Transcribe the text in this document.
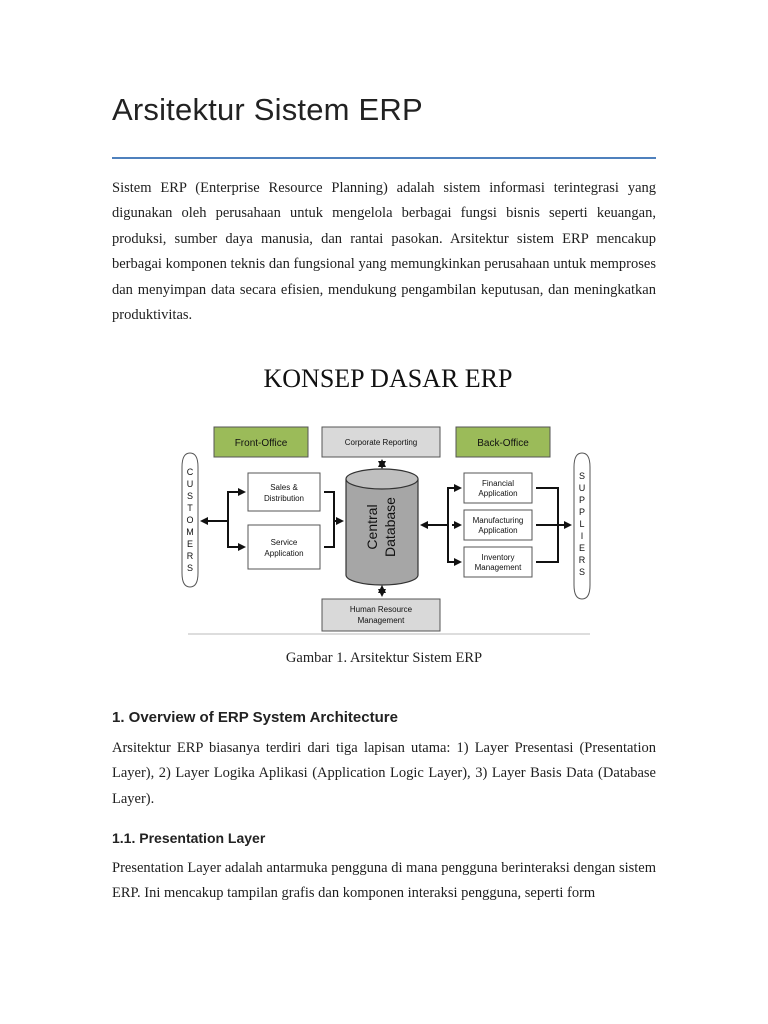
Arsitektur Sistem ERP

Sistem ERP (Enterprise Resource Planning) adalah sistem informasi terintegrasi yang digunakan oleh perusahaan untuk mengelola berbagai fungsi bisnis seperti keuangan, produksi, sumber daya manusia, dan rantai pasokan. Arsitektur sistem ERP mencakup berbagai komponen teknis dan fungsional yang memungkinkan perusahaan untuk memproses dan menyimpan data secara efisien, mendukung pengambilan keputusan, dan meningkatkan produktivitas.

KONSEP DASAR ERP
Front-Office	Back-Office
Corporate Reporting
C
U
S
T
O
M
E
R
S
S
U
P
P
L
I
E
R
S
Sales &
Distribution
Service
Application
Financial
Application
Manufacturing
Application
Inventory
Management
Central Database
Human Resource
Management

Gambar 1. Arsitektur Sistem ERP

1. Overview of ERP System Architecture

Arsitektur ERP biasanya terdiri dari tiga lapisan utama: 1) Layer Presentasi (Presentation Layer), 2) Layer Logika Aplikasi (Application Logic Layer), 3) Layer Basis Data (Database Layer).

1.1. Presentation Layer

Presentation Layer adalah antarmuka pengguna di mana pengguna berinteraksi dengan sistem ERP. Ini mencakup tampilan grafis dan komponen interaksi pengguna, seperti form
